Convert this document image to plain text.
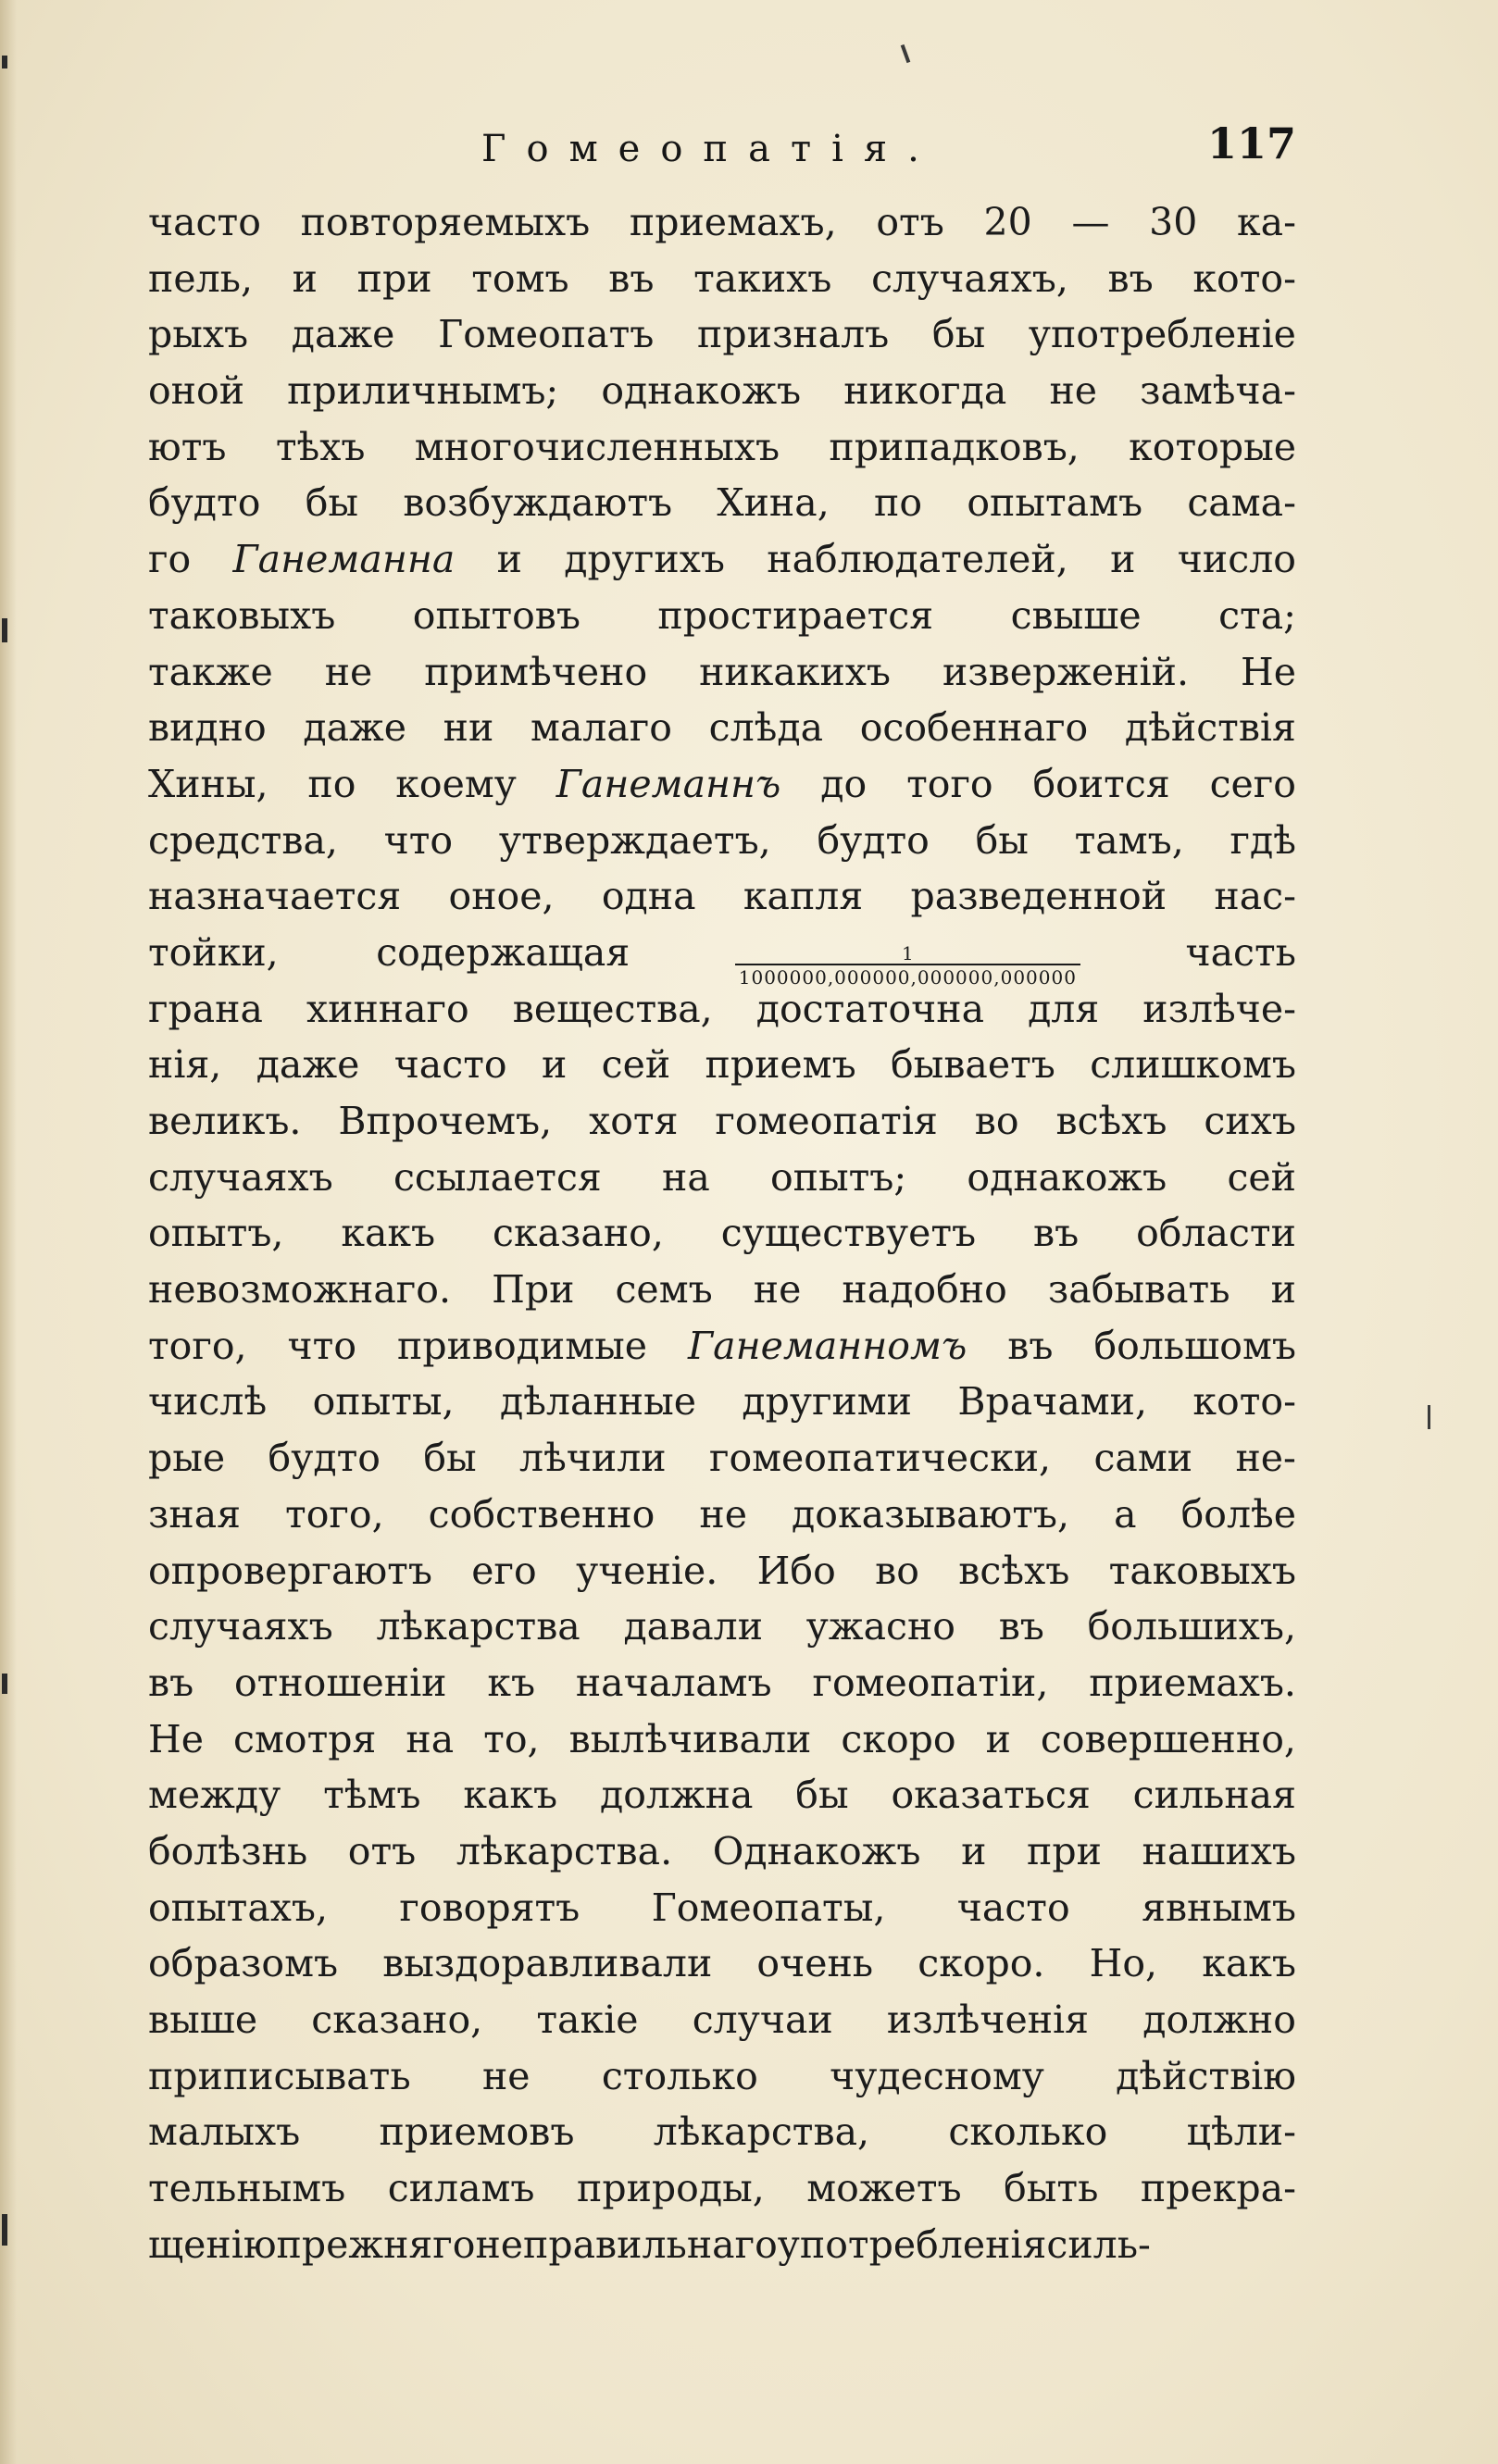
Гомеопатія.	117
часто повторяемыхъ приемахъ, отъ 20 — 30 ка-
пель, и при томъ въ такихъ случаяхъ, въ кото-
рыхъ даже Гомеопатъ призналъ бы употребленіе
оной приличнымъ; однакожъ никогда не замѣча-
ютъ тѣхъ многочисленныхъ припадковъ, которые
будто бы возбуждаютъ Хина, по опытамъ сама-
го Ганеманна и другихъ наблюдателей, и число
таковыхъ опытовъ простирается свыше ста;
также не примѣчено никакихъ изверженій. Не
видно даже ни малаго слѣда особеннаго дѣйствія
Хины, по коему Ганеманнъ до того боится сего
средства, что утверждаетъ, будто бы тамъ, гдѣ
назначается оное, одна капля разведенной нас-
тойки,	содержащая	$\frac{1}{1000000,000000,000000,000000}$	часть
грана хиннаго вещества, достаточна для излѣче-
нія, даже часто и сей приемъ бываетъ слишкомъ
великъ. Впрочемъ, хотя гомеопатія во всѣхъ сихъ
случаяхъ ссылается на опытъ; однакожъ сей
опытъ, какъ сказано, существуетъ въ области
невозможнаго. При семъ не надобно забывать и
того, что приводимые Ганеманномъ въ большомъ
числѣ опыты, дѣланные другими Врачами, кото-
рые будто бы лѣчили гомеопатически, сами не-
зная того, собственно не доказываютъ, а болѣе
опровергаютъ его ученіе. Ибо во всѣхъ таковыхъ
случаяхъ лѣкарства давали ужасно въ большихъ,
въ отношеніи къ началамъ гомеопатіи, приемахъ.
Не смотря на то, вылѣчивали скоро и совершенно,
между тѣмъ какъ должна бы оказаться сильная
болѣзнь отъ лѣкарства. Однакожъ и при нашихъ
опытахъ, говорятъ Гомеопаты, часто явнымъ
образомъ выздоравливали очень скоро. Но, какъ
выше сказано, такіе случаи излѣченія должно
приписывать не столько чудесному дѣйствію
малыхъ приемовъ лѣкарства, сколько цѣли-
тельнымъ силамъ природы, можетъ быть прекра-
щенію прежняго неправильнаго употребленія силь-
